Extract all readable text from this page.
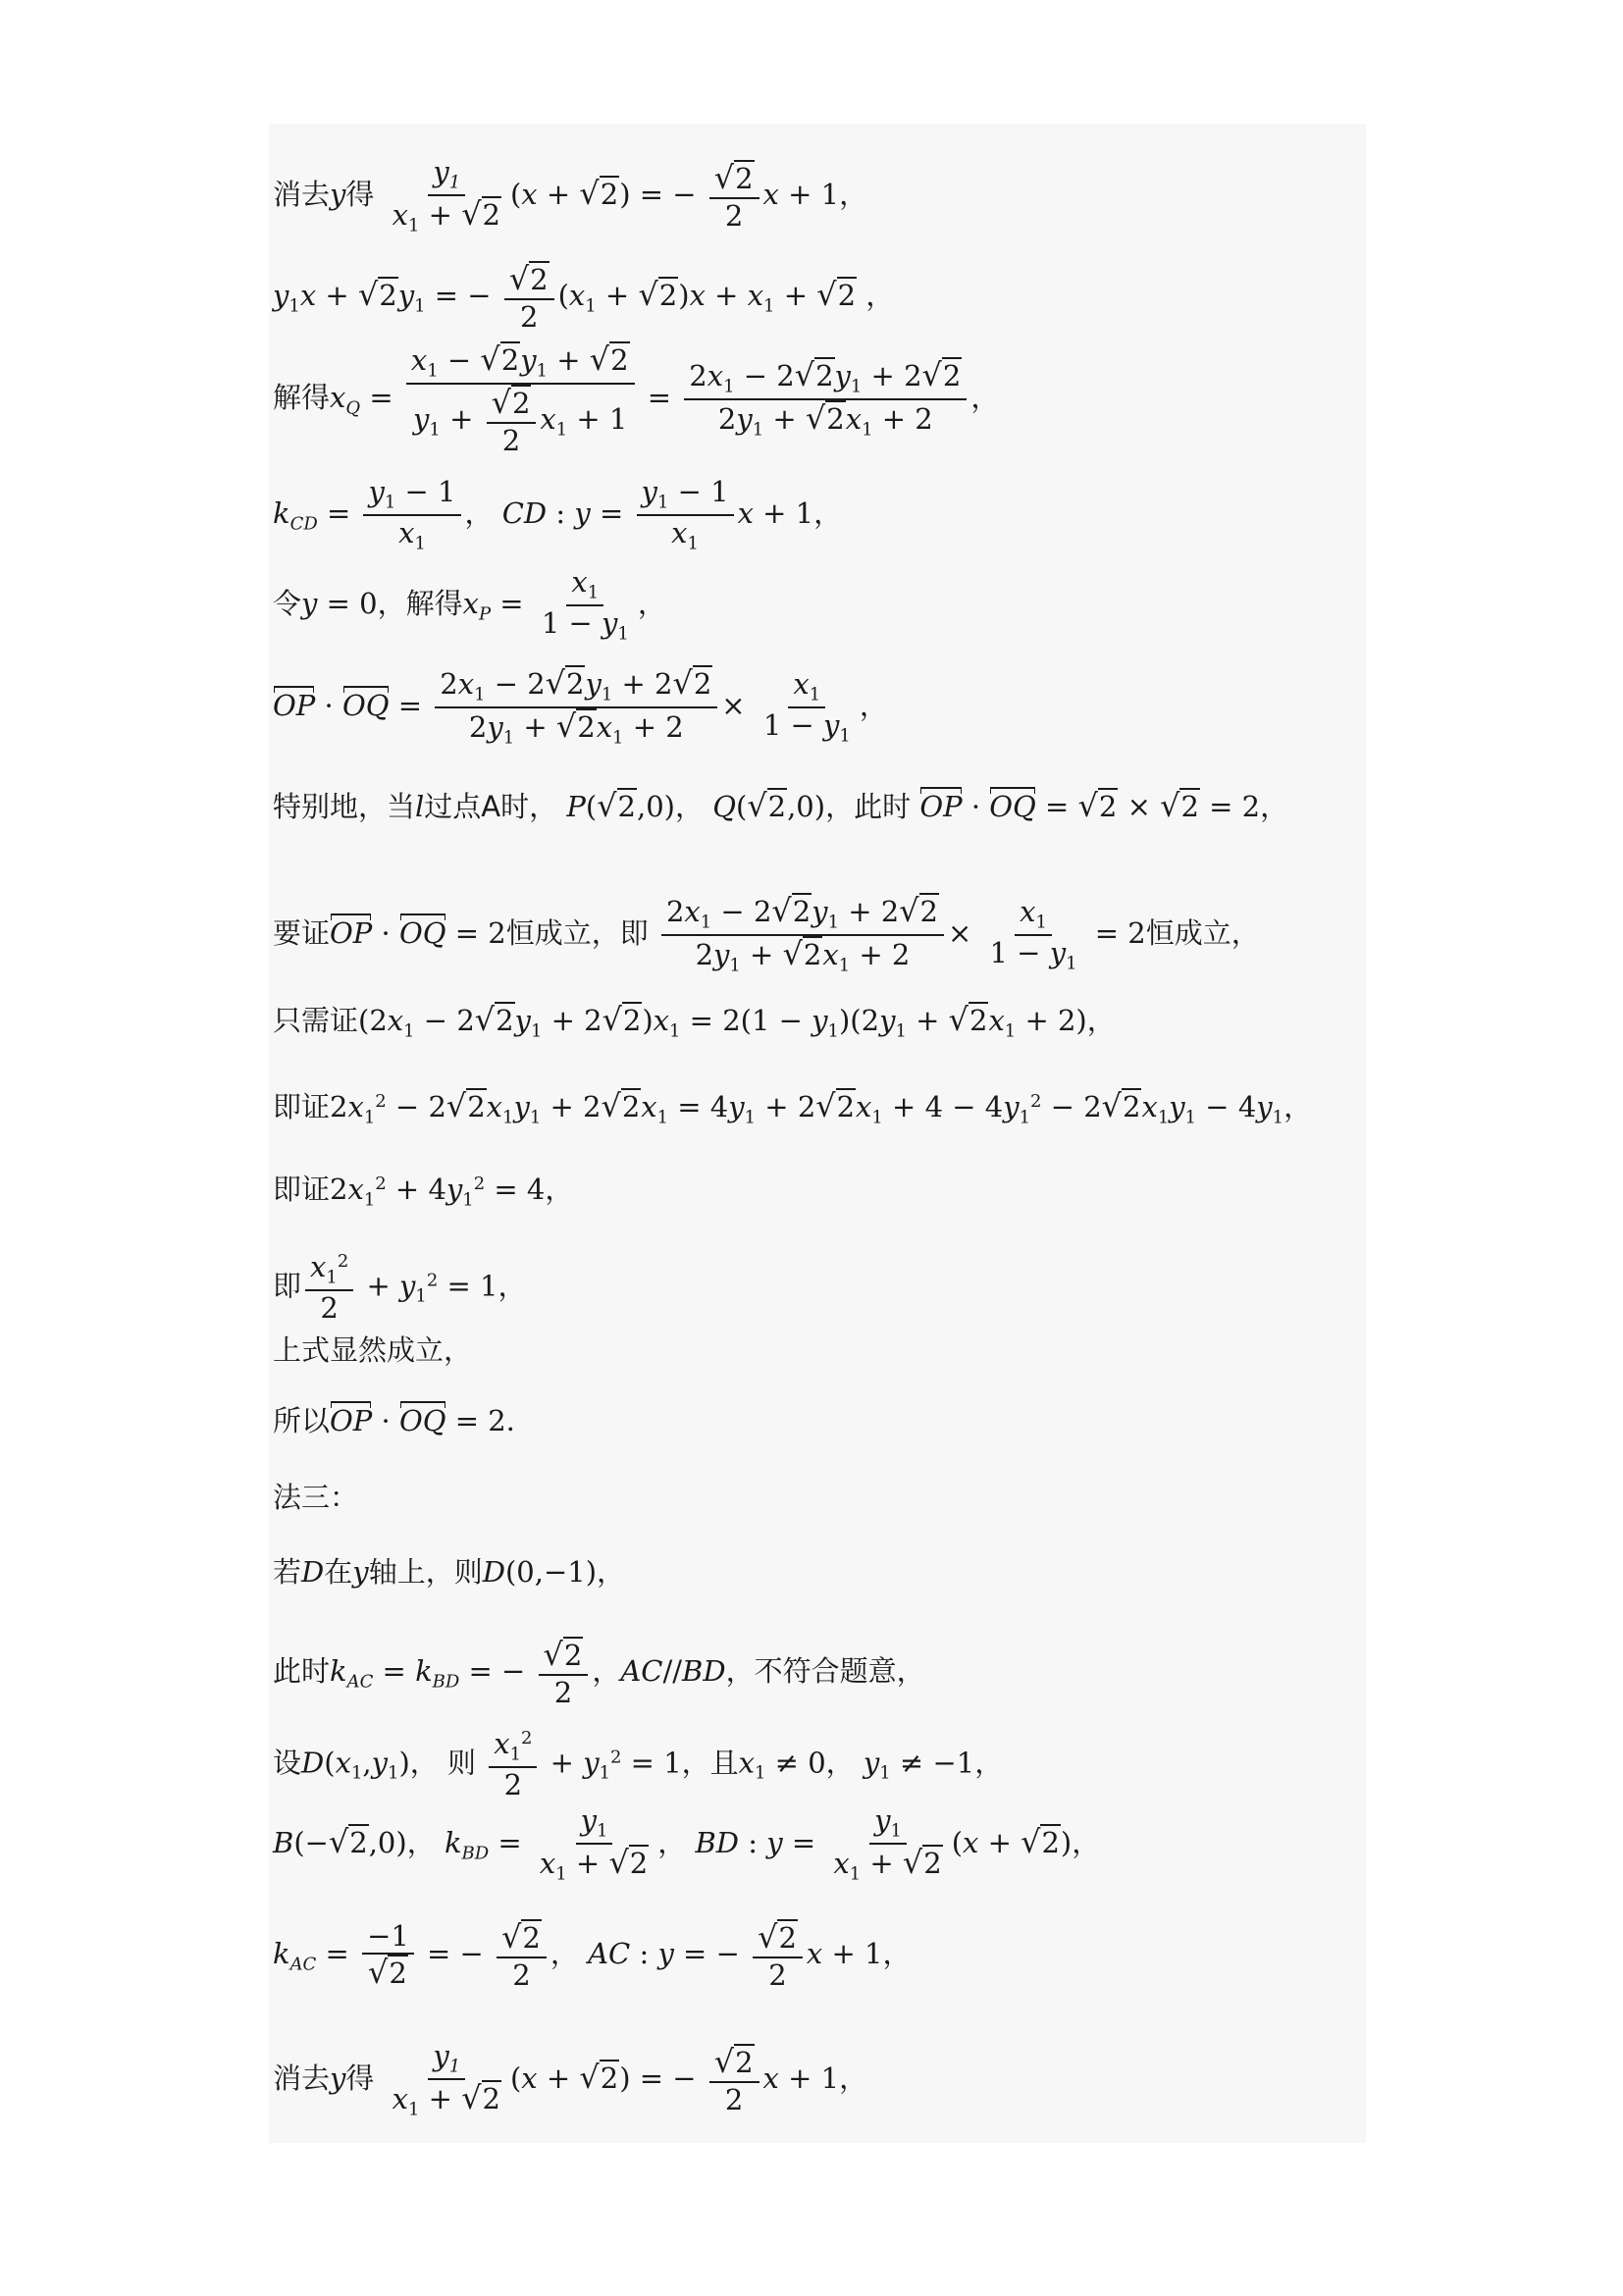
消去y得 $\frac{y_1}{x_1 + √2} (x + √2)$ = − $\frac{√2}{2}$ x + 1，
$y_1x + √2y_1$ = − $\frac{√2}{2} (x_1 + √2)x + x_1 + √2$ ，
解得$x_Q = \frac{x_1 - √2y_1 + √2}{y_1 + \frac{√2}{2} x_1 + 1} = \frac{2x_1 - 2√2y_1 + 2√2}{2y_1 + √2x_1 + 2}$ ，
$k_{CD} = \frac{y_1 - 1}{x_1}$ ， CD : $y = \frac{y_1 - 1}{x_1}$ x + 1，
令y = 0，解得$x_P = \frac{x_1}{1 - y_1}$ ，
OP · OQ = $\frac{2x_1 - 2√2y_1 + 2√2}{2y_1 + √2x_1 + 2} \times \frac{x_1}{1 - y_1}$ ，
特别地，当l过点A时， P(√2,0)， Q(√2,0)，此时 OP · OQ = √2 × √2 = 2，
要证OP · OQ = 2恒成立，即 $\frac{2x_1 - 2√2y_1 + 2√2}{2y_1 + √2x_1 + 2} \times \frac{x_1}{1 - y_1} = 2$恒成立，
只需证$(2x_1 - 2√2y_1 + 2√2)x_1 = 2(1 - y_1)(2y_1 + √2x_1 + 2)$，
即证$2x_1^2 - 2√2x_1y_1 + 2√2x_1 = 4y_1 + 2√2x_1 + 4 - 4y_1^2 - 2√2x_1y_1 - 4y_1$，
即证$2x_1^2 + 4y_1^2 = 4$，
即 $\frac{x_1^2}{2} + y_1^2 = 1$，
上式显然成立，
所以OP · OQ = 2．
法三：
若D在y轴上，则D(0,−1)，
此时$k_{AC} = k_{BD}$ = − $\frac{√2}{2}$ ，AC//BD，不符合题意，
设$D(x_1,y_1)$， 则 $\frac{x_1^2}{2} + y_1^2 = 1$，且$x_1 \ne 0$， $y_1 \ne -1$，
B(−√2,0)， $k_{BD} = \frac{y_1}{x_1 + √2}$ ， BD : $y = \frac{y_1}{x_1 + √2} (x + √2)$，
$k_{AC} = \frac{-1}{√2}$ = − $\frac{√2}{2}$ ， AC : y = − $\frac{√2}{2}$ x + 1，
消去y得 $\frac{y_1}{x_1 + √2} (x + √2)$ = − $\frac{√2}{2}$ x + 1，
